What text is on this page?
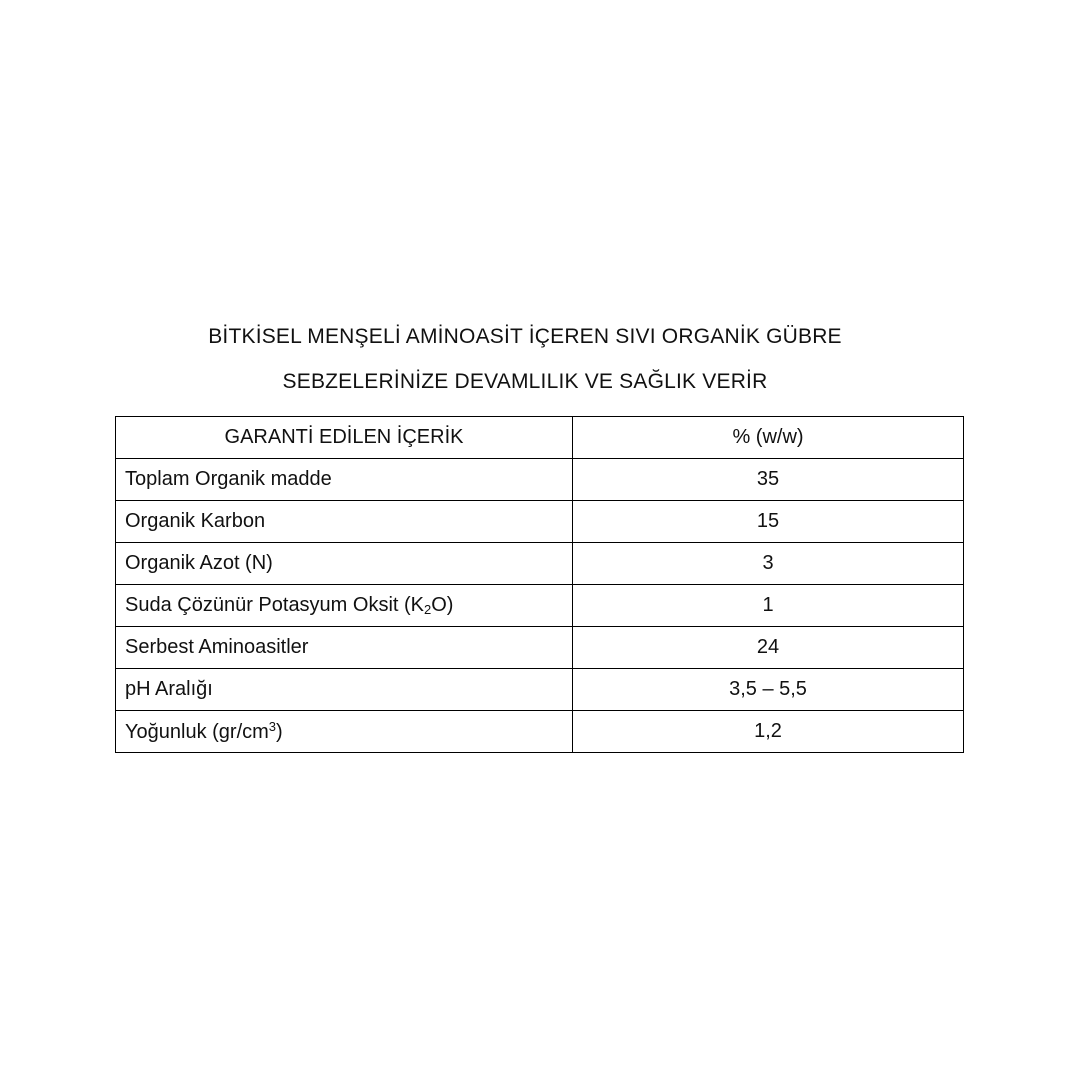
BİTKİSEL MENŞELİ AMİNOASİT İÇEREN SIVI ORGANİK GÜBRE
SEBZELERİNİZE DEVAMLILIK VE SAĞLIK VERİR
GARANTİ EDİLEN İÇERİK	% (w/w)
Toplam Organik madde	35
Organik Karbon	15
Organik Azot (N)	3
Suda Çözünür Potasyum Oksit $(K_2O)$	1
Serbest Aminoasitler	24
pH Aralığı	3,5 – 5,5
Yoğunluk $(gr/cm^3)$	1,2
